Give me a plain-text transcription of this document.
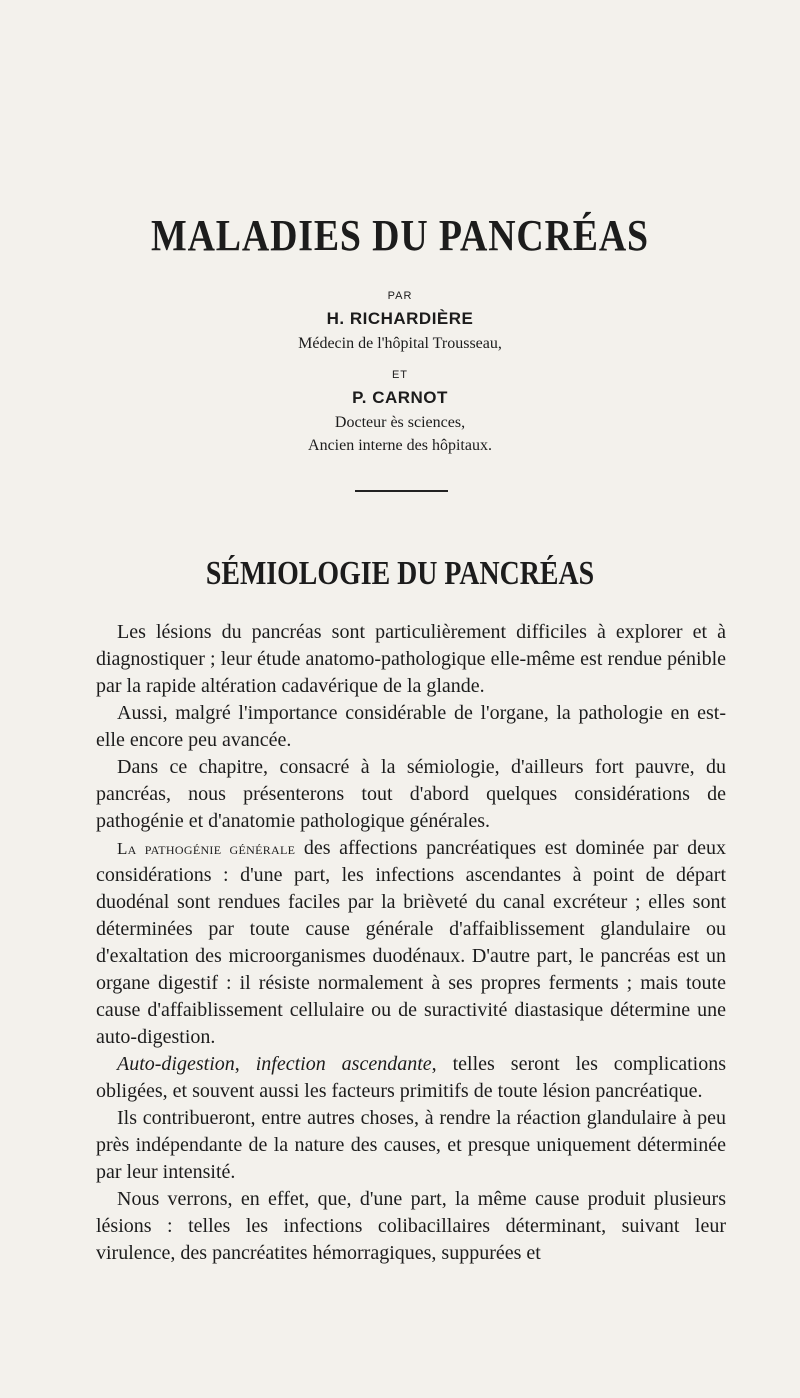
MALADIES DU PANCRÉAS
PAR
H. RICHARDIÈRE
Médecin de l'hôpital Trousseau,
ET
P. CARNOT
Docteur ès sciences,
Ancien interne des hôpitaux.
SÉMIOLOGIE DU PANCRÉAS

Les lésions du pancréas sont particulièrement difficiles à explorer et à diagnostiquer ; leur étude anatomo-pathologique elle-même est rendue pénible par la rapide altération cadavérique de la glande.

Aussi, malgré l'importance considérable de l'organe, la pathologie en est-elle encore peu avancée.

Dans ce chapitre, consacré à la sémiologie, d'ailleurs fort pauvre, du pancréas, nous présenterons tout d'abord quelques considérations de pathogénie et d'anatomie pathologique générales.

La pathogénie générale des affections pancréatiques est dominée par deux considérations : d'une part, les infections ascendantes à point de départ duodénal sont rendues faciles par la brièveté du canal excréteur ; elles sont déterminées par toute cause générale d'affaiblissement glandulaire ou d'exaltation des microorganismes duodénaux. D'autre part, le pancréas est un organe digestif : il résiste normalement à ses propres ferments ; mais toute cause d'affaiblissement cellulaire ou de suractivité diastasique détermine une auto-digestion.

Auto-digestion, infection ascendante, telles seront les complications obligées, et souvent aussi les facteurs primitifs de toute lésion pancréatique.

Ils contribueront, entre autres choses, à rendre la réaction glandulaire à peu près indépendante de la nature des causes, et presque uniquement déterminée par leur intensité.

Nous verrons, en effet, que, d'une part, la même cause produit plusieurs lésions : telles les infections colibacillaires déterminant, suivant leur virulence, des pancréatites hémorragiques, suppurées et
